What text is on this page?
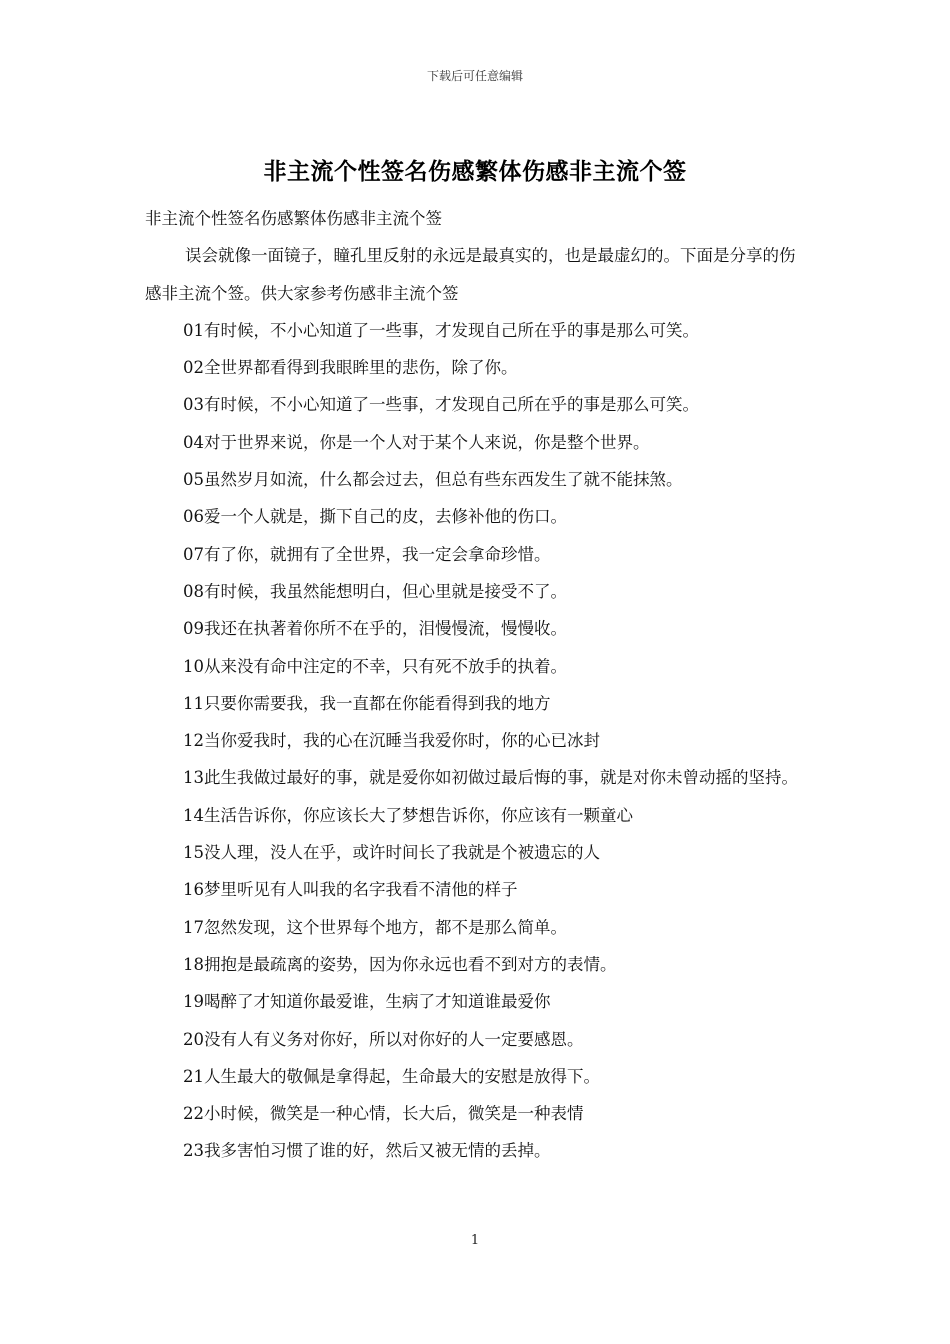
下载后可任意编辑
非主流个性签名伤感繁体伤感非主流个签

非主流个性签名伤感繁体伤感非主流个签

误会就像一面镜子，瞳孔里反射的永远是最真实的，也是最虚幻的。下面是分享的伤感非主流个签。供大家参考伤感非主流个签

01有时候，不小心知道了一些事，才发现自己所在乎的事是那么可笑。

02全世界都看得到我眼眸里的悲伤，除了你。

03有时候，不小心知道了一些事，才发现自己所在乎的事是那么可笑。

04对于世界来说，你是一个人对于某个人来说，你是整个世界。

05虽然岁月如流，什么都会过去，但总有些东西发生了就不能抹煞。

06爱一个人就是，撕下自己的皮，去修补他的伤口。

07有了你，就拥有了全世界，我一定会拿命珍惜。

08有时候，我虽然能想明白，但心里就是接受不了。

09我还在执著着你所不在乎的，泪慢慢流，慢慢收。

10从来没有命中注定的不幸，只有死不放手的执着。

11只要你需要我，我一直都在你能看得到我的地方

12当你爱我时，我的心在沉睡当我爱你时，你的心已冰封

13此生我做过最好的事，就是爱你如初做过最后悔的事，就是对你未曾动摇的坚持。

14生活告诉你，你应该长大了梦想告诉你，你应该有一颗童心

15没人理，没人在乎，或许时间长了我就是个被遗忘的人

16梦里听见有人叫我的名字我看不清他的样子

17忽然发现，这个世界每个地方，都不是那么简单。

18拥抱是最疏离的姿势，因为你永远也看不到对方的表情。

19喝醉了才知道你最爱谁，生病了才知道谁最爱你

20没有人有义务对你好，所以对你好的人一定要感恩。

21人生最大的敬佩是拿得起，生命最大的安慰是放得下。

22小时候，微笑是一种心情，长大后，微笑是一种表情

23我多害怕习惯了谁的好，然后又被无情的丢掉。

1
